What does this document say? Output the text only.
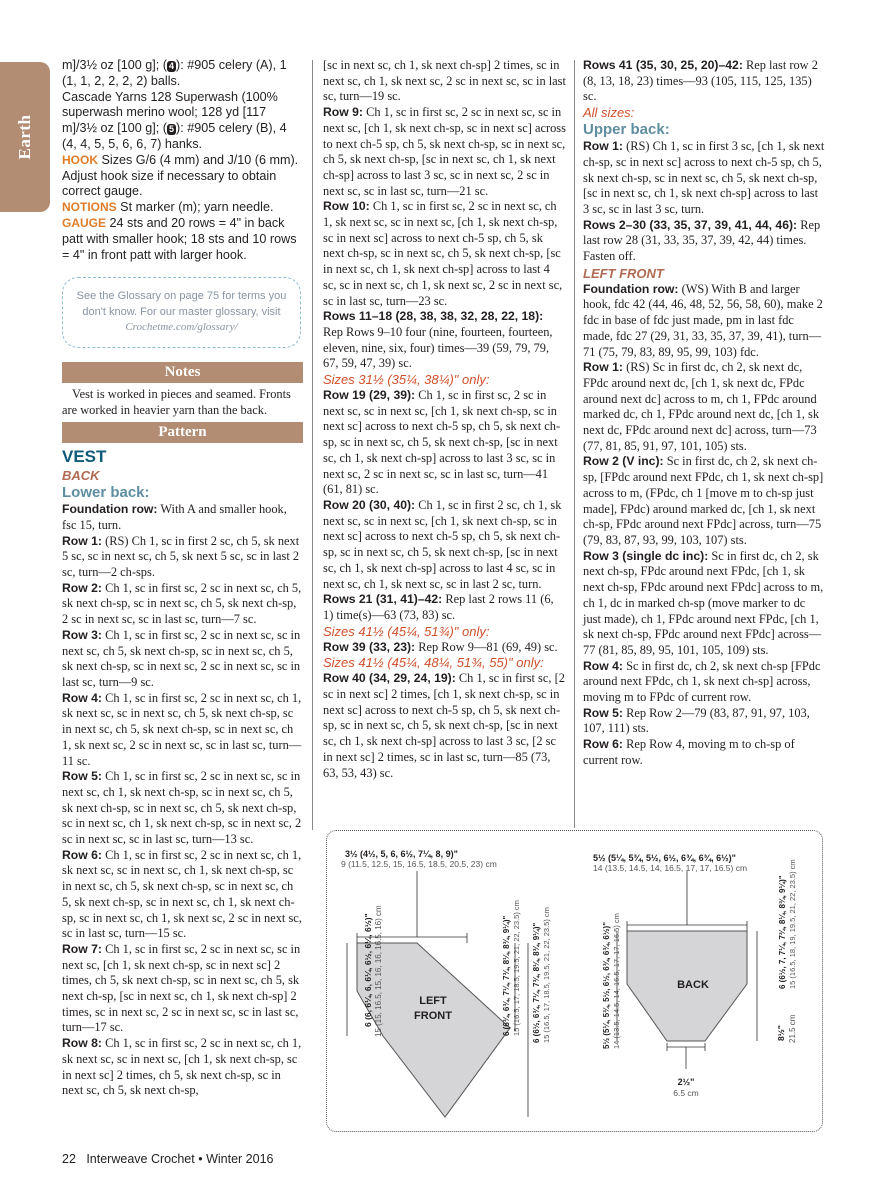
Earth
m]/3½ oz [100 g]; ( 4 ): #905 celery (A), 1 (1, 1, 2, 2, 2, 2) balls.
Cascade Yarns 128 Superwash (100% superwash merino wool; 128 yd [117 m]/3½ oz [100 g]; ( 5 ): #905 celery (B), 4 (4, 4, 5, 5, 6, 6, 7) hanks.
HOOK Sizes G/6 (4 mm) and J/10 (6 mm). Adjust hook size if necessary to obtain correct gauge.
NOTIONS St marker (m); yarn needle.
GAUGE 24 sts and 20 rows = 4" in back patt with smaller hook; 18 sts and 10 rows = 4" in front patt with larger hook.
See the Glossary on page 75 for terms you don't know. For our master glossary, visit Crochetme.com/glossary/
Notes

Vest is worked in pieces and seamed. Fronts are worked in heavier yarn than the back.

Pattern
VEST
BACK
Lower back:

Foundation row: With A and smaller hook, fsc 15, turn.

Row 1: (RS) Ch 1, sc in first 2 sc, ch 5, sk next 5 sc, sc in next sc, ch 5, sk next 5 sc, sc in last 2 sc, turn—2 ch-sps.

Row 2: Ch 1, sc in first sc, 2 sc in next sc, ch 5, sk next ch-sp, sc in next sc, ch 5, sk next ch-sp, 2 sc in next sc, sc in last sc, turn—7 sc.

Row 3: Ch 1, sc in first sc, 2 sc in next sc, sc in next sc, ch 5, sk next ch-sp, sc in next sc, ch 5, sk next ch-sp, sc in next sc, 2 sc in next sc, sc in last sc, turn—9 sc.

Row 4: Ch 1, sc in first sc, 2 sc in next sc, ch 1, sk next sc, sc in next sc, ch 5, sk next ch-sp, sc in next sc, ch 5, sk next ch-sp, sc in next sc, ch 1, sk next sc, 2 sc in next sc, sc in last sc, turn—11 sc.

Row 5: Ch 1, sc in first sc, 2 sc in next sc, sc in next sc, ch 1, sk next ch-sp, sc in next sc, ch 5, sk next ch-sp, sc in next sc, ch 5, sk next ch-sp, sc in next sc, ch 1, sk next ch-sp, sc in next sc, 2 sc in next sc, sc in last sc, turn—13 sc.

Row 6: Ch 1, sc in first sc, 2 sc in next sc, ch 1, sk next sc, sc in next sc, ch 1, sk next ch-sp, sc in next sc, ch 5, sk next ch-sp, sc in next sc, ch 5, sk next ch-sp, sc in next sc, ch 1, sk next ch-sp, sc in next sc, ch 1, sk next sc, 2 sc in next sc, sc in last sc, turn—15 sc.

Row 7: Ch 1, sc in first sc, 2 sc in next sc, sc in next sc, [ch 1, sk next ch-sp, sc in next sc] 2 times, ch 5, sk next ch-sp, sc in next sc, ch 5, sk next ch-sp, [sc in next sc, ch 1, sk next ch-sp] 2 times, sc in next sc, 2 sc in next sc, sc in last sc, turn—17 sc.

Row 8: Ch 1, sc in first sc, 2 sc in next sc, ch 1, sk next sc, sc in next sc, [ch 1, sk next ch-sp, sc in next sc] 2 times, ch 5, sk next ch-sp, sc in next sc, ch 5, sk next ch-sp,

[sc in next sc, ch 1, sk next ch-sp] 2 times, sc in next sc, ch 1, sk next sc, 2 sc in next sc, sc in last sc, turn—19 sc.

Row 9: Ch 1, sc in first sc, 2 sc in next sc, sc in next sc, [ch 1, sk next ch-sp, sc in next sc] across to next ch-5 sp, ch 5, sk next ch-sp, sc in next sc, ch 5, sk next ch-sp, [sc in next sc, ch 1, sk next ch-sp] across to last 3 sc, sc in next sc, 2 sc in next sc, sc in last sc, turn—21 sc.

Row 10: Ch 1, sc in first sc, 2 sc in next sc, ch 1, sk next sc, sc in next sc, [ch 1, sk next ch-sp, sc in next sc] across to next ch-5 sp, ch 5, sk next ch-sp, sc in next sc, ch 5, sk next ch-sp, [sc in next sc, ch 1, sk next ch-sp] across to last 4 sc, sc in next sc, ch 1, sk next sc, 2 sc in next sc, sc in last sc, turn—23 sc.

Rows 11–18 (28, 38, 38, 32, 28, 22, 18): Rep Rows 9–10 four (nine, fourteen, fourteen, eleven, nine, six, four) times—39 (59, 79, 79, 67, 59, 47, 39) sc.

Sizes 31½ (35¼, 38¼)" only:

Row 19 (29, 39): Ch 1, sc in first sc, 2 sc in next sc, sc in next sc, [ch 1, sk next ch-sp, sc in next sc] across to next ch-5 sp, ch 5, sk next ch-sp, sc in next sc, ch 5, sk next ch-sp, [sc in next sc, ch 1, sk next ch-sp] across to last 3 sc, sc in next sc, 2 sc in next sc, sc in last sc, turn—41 (61, 81) sc.

Row 20 (30, 40): Ch 1, sc in first 2 sc, ch 1, sk next sc, sc in next sc, [ch 1, sk next ch-sp, sc in next sc] across to next ch-5 sp, ch 5, sk next ch-sp, sc in next sc, ch 5, sk next ch-sp, [sc in next sc, ch 1, sk next ch-sp] across to last 4 sc, sc in next sc, ch 1, sk next sc, sc in last 2 sc, turn.

Rows 21 (31, 41)–42: Rep last 2 rows 11 (6, 1) time(s)—63 (73, 83) sc.

Sizes 41½ (45¼, 51¾)" only:

Row 39 (33, 23): Rep Row 9—81 (69, 49) sc.

Sizes 41½ (45¼, 48¼, 51¾, 55)" only:

Row 40 (34, 29, 24, 19): Ch 1, sc in first sc, [2 sc in next sc] 2 times, [ch 1, sk next ch-sp, sc in next sc] across to next ch-5 sp, ch 5, sk next ch-sp, sc in next sc, ch 5, sk next ch-sp, [sc in next sc, ch 1, sk next ch-sp] across to last 3 sc, [2 sc in next sc] 2 times, sc in last sc, turn—85 (73, 63, 53, 43) sc.

Rows 41 (35, 30, 25, 20)–42: Rep last row 2 (8, 13, 18, 23) times—93 (105, 115, 125, 135) sc.

All sizes:
Upper back:

Row 1: (RS) Ch 1, sc in first 3 sc, [ch 1, sk next ch-sp, sc in next sc] across to next ch-5 sp, ch 5, sk next ch-sp, sc in next sc, ch 5, sk next ch-sp, [sc in next sc, ch 1, sk next ch-sp] across to last 3 sc, sc in last 3 sc, turn.

Rows 2–30 (33, 35, 37, 39, 41, 44, 46): Rep last row 28 (31, 33, 35, 37, 39, 42, 44) times. Fasten off.

LEFT FRONT

Foundation row: (WS) With B and larger hook, fdc 42 (44, 46, 48, 52, 56, 58, 60), make 2 fdc in base of fdc just made, pm in last fdc made, fdc 27 (29, 31, 33, 35, 37, 39, 41), turn—71 (75, 79, 83, 89, 95, 99, 103) fdc.

Row 1: (RS) Sc in first dc, ch 2, sk next dc, FPdc around next dc, [ch 1, sk next dc, FPdc around next dc] across to m, ch 1, FPdc around marked dc, ch 1, FPdc around next dc, [ch 1, sk next dc, FPdc around next dc] across, turn—73 (77, 81, 85, 91, 97, 101, 105) sts.

Row 2 (V inc): Sc in first dc, ch 2, sk next ch-sp, [FPdc around next FPdc, ch 1, sk next ch-sp] across to m, (FPdc, ch 1 [move m to ch-sp just made], FPdc) around marked dc, [ch 1, sk next ch-sp, FPdc around next FPdc] across, turn—75 (79, 83, 87, 93, 99, 103, 107) sts.

Row 3 (single dc inc): Sc in first dc, ch 2, sk next ch-sp, FPdc around next FPdc, [ch 1, sk next ch-sp, FPdc around next FPdc] across to m, ch 1, dc in marked ch-sp (move marker to dc just made), ch 1, FPdc around next FPdc, [ch 1, sk next ch-sp, FPdc around next FPdc] across—77 (81, 85, 89, 95, 101, 105, 109) sts.

Row 4: Sc in first dc, ch 2, sk next ch-sp [FPdc around next FPdc, ch 1, sk next ch-sp] across, moving m to FPdc of current row.

Row 5: Rep Row 2—79 (83, 87, 91, 97, 103, 107, 111) sts.

Row 6: Rep Row 4, moving m to ch-sp of current row.

3½ (4½, 5, 6, 6½, 7¼, 8, 9)"
9 (11.5, 12.5, 15, 16.5, 18.5, 20.5, 23) cm
6 (6, 6¼, 6, 6¼, 6½, 6¼, 6½)" 15 (15, 16.5, 15, 16, 16, 16.5, 16) cm	6 (6¾, 6¾, 7¼, 7¾, 8¼, 8¾, 9¼)" 15 (16.5, 17, 18.5, 19.5, 21, 22, 23.5) cm 6 (6½, 6¾, 7¼, 7¾, 8¼, 8¾, 9¼)" 15 (16.5, 17, 18.5, 19.5, 21, 22, 23.5) cm
LEFT
FRONT
5½ (5¼, 5¾, 5½, 6½, 6¾, 6¾, 6½)"
14 (13.5, 14.5, 14, 16.5, 17, 17, 16.5) cm
5½ (5¼, 5¾, 5½, 6½, 6¾, 6¾, 6½)" 14 (13.5, 14.5, 14, 16.5, 17, 17, 16.5) cm	6 (6½, 7, 7¼, 7¾, 8¼, 8¾, 9¼)" 15 (16.5, 18, 19, 19.5, 21, 22, 23.5) cm
8½" 21.5 cm
2½"
6.5 cm
BACK
22 Interweave Crochet • Winter 2016
